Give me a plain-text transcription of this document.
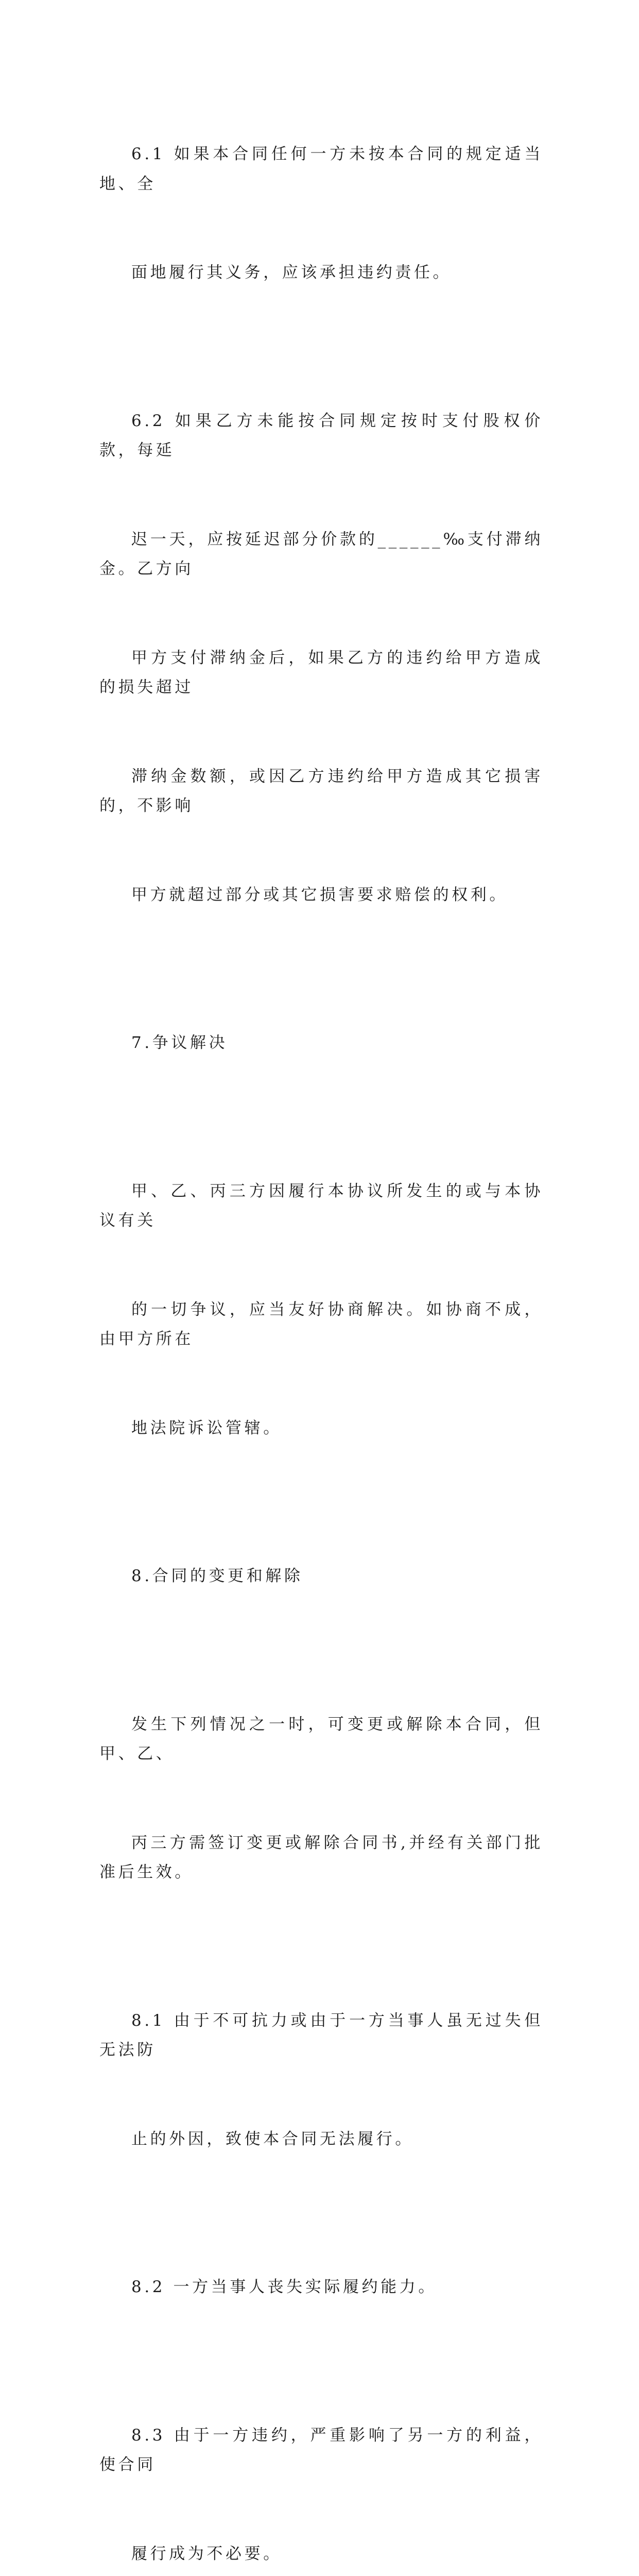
6.1 如果本合同任何一方未按本合同的规定适当地、全

面地履行其义务，应该承担违约责任。

6.2 如果乙方未能按合同规定按时支付股权价款，每延

迟一天，应按延迟部分价款的______‰支付滞纳金。乙方向

甲方支付滞纳金后，如果乙方的违约给甲方造成的损失超过

滞纳金数额，或因乙方违约给甲方造成其它损害的，不影响

甲方就超过部分或其它损害要求赔偿的权利。

7.争议解决

甲、乙、丙三方因履行本协议所发生的或与本协议有关

的一切争议，应当友好协商解决。如协商不成，由甲方所在

地法院诉讼管辖。

8.合同的变更和解除

发生下列情况之一时，可变更或解除本合同，但甲、乙、

丙三方需签订变更或解除合同书,并经有关部门批准后生效。

8.1 由于不可抗力或由于一方当事人虽无过失但无法防

止的外因，致使本合同无法履行。

8.2 一方当事人丧失实际履约能力。

8.3 由于一方违约，严重影响了另一方的利益，使合同

履行成为不必要。
